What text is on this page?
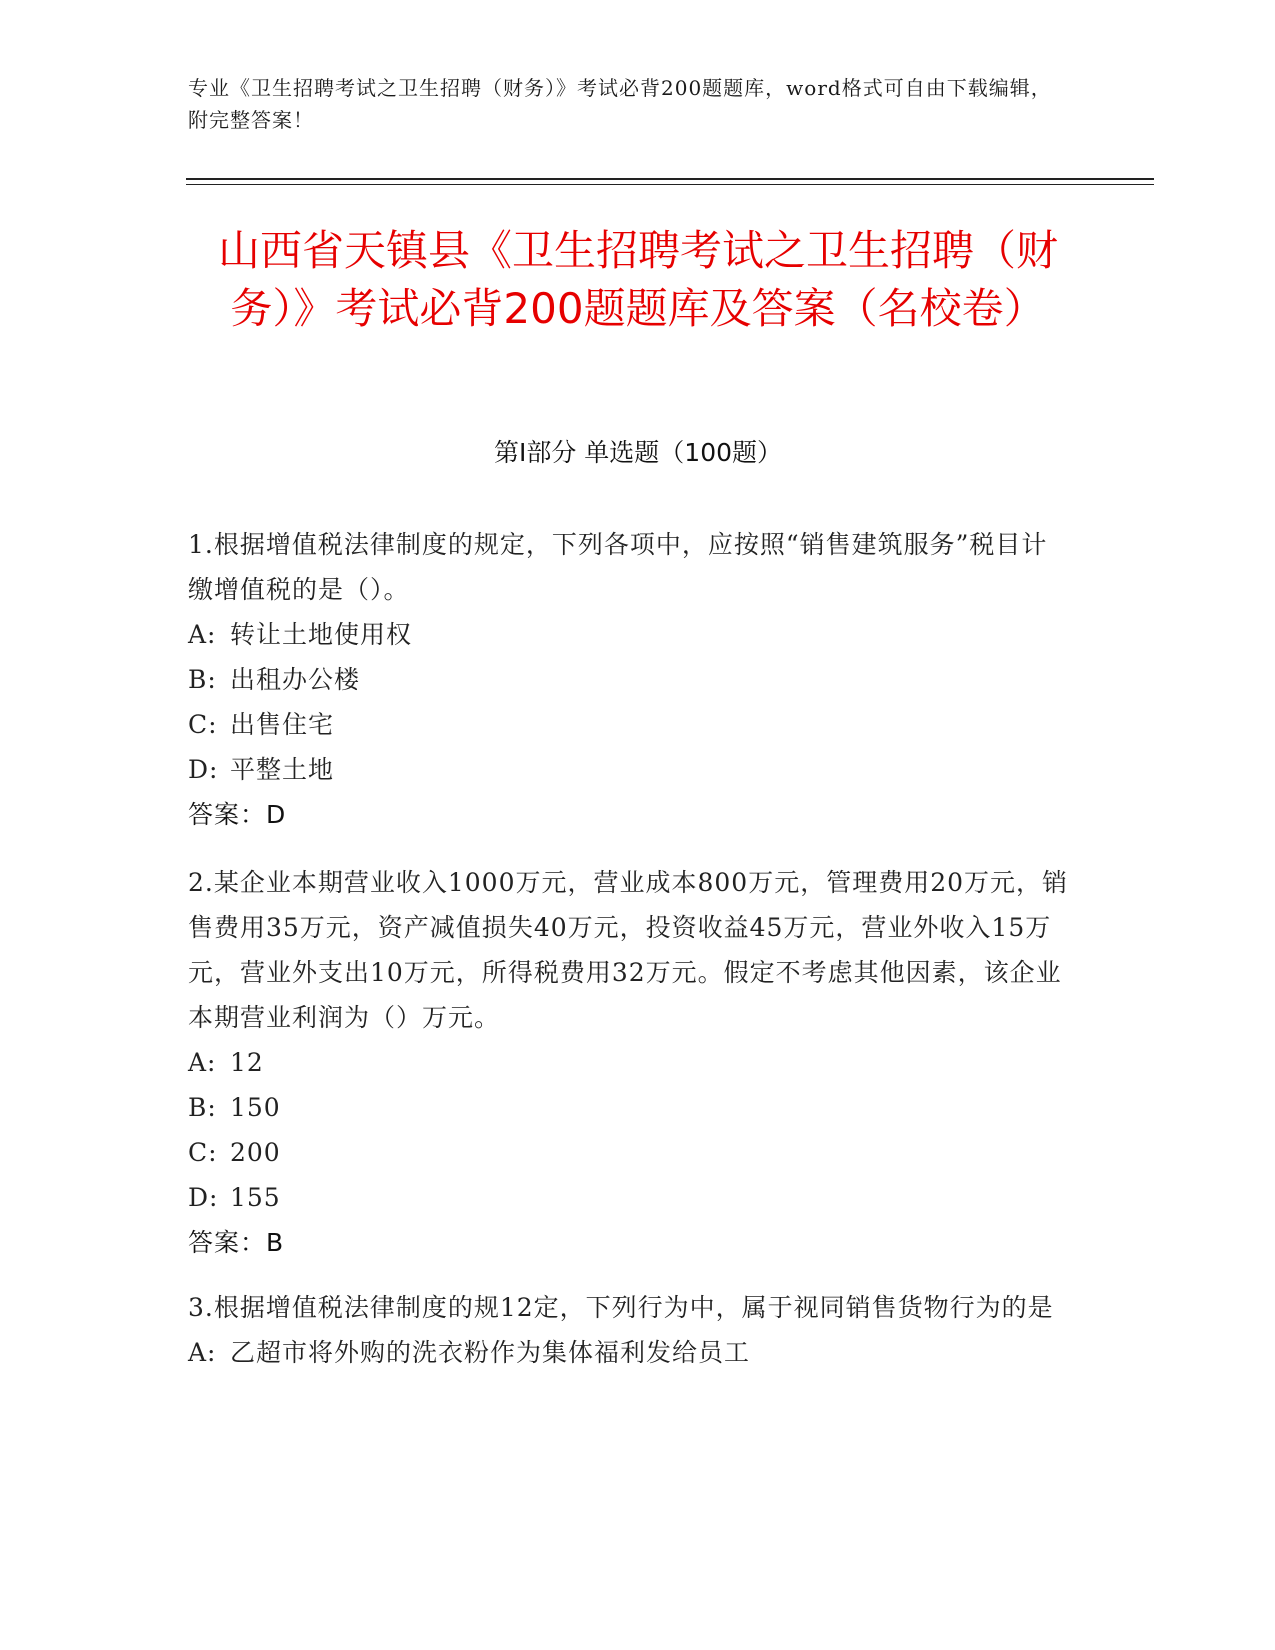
专业《卫生招聘考试之卫生招聘（财务）》考试必背200题题库，word格式可自由下载编辑，附完整答案！
山西省天镇县《卫生招聘考试之卫生招聘（财务）》考试必背200题题库及答案（名校卷）
第I部分 单选题（100题）

1.根据增值税法律制度的规定，下列各项中，应按照“销售建筑服务”税目计缴增值税的是（）。

A: 转让土地使用权

B: 出租办公楼

C: 出售住宅

D: 平整土地

答案：D

2.某企业本期营业收入1000万元，营业成本800万元，管理费用20万元，销售费用35万元，资产减值损失40万元，投资收益45万元，营业外收入15万元，营业外支出10万元，所得税费用32万元。假定不考虑其他因素，该企业本期营业利润为（）万元。

A: 12

B: 150

C: 200

D: 155

答案：B

3.根据增值税法律制度的规12定，下列行为中，属于视同销售货物行为的是

A: 乙超市将外购的洗衣粉作为集体福利发给员工
